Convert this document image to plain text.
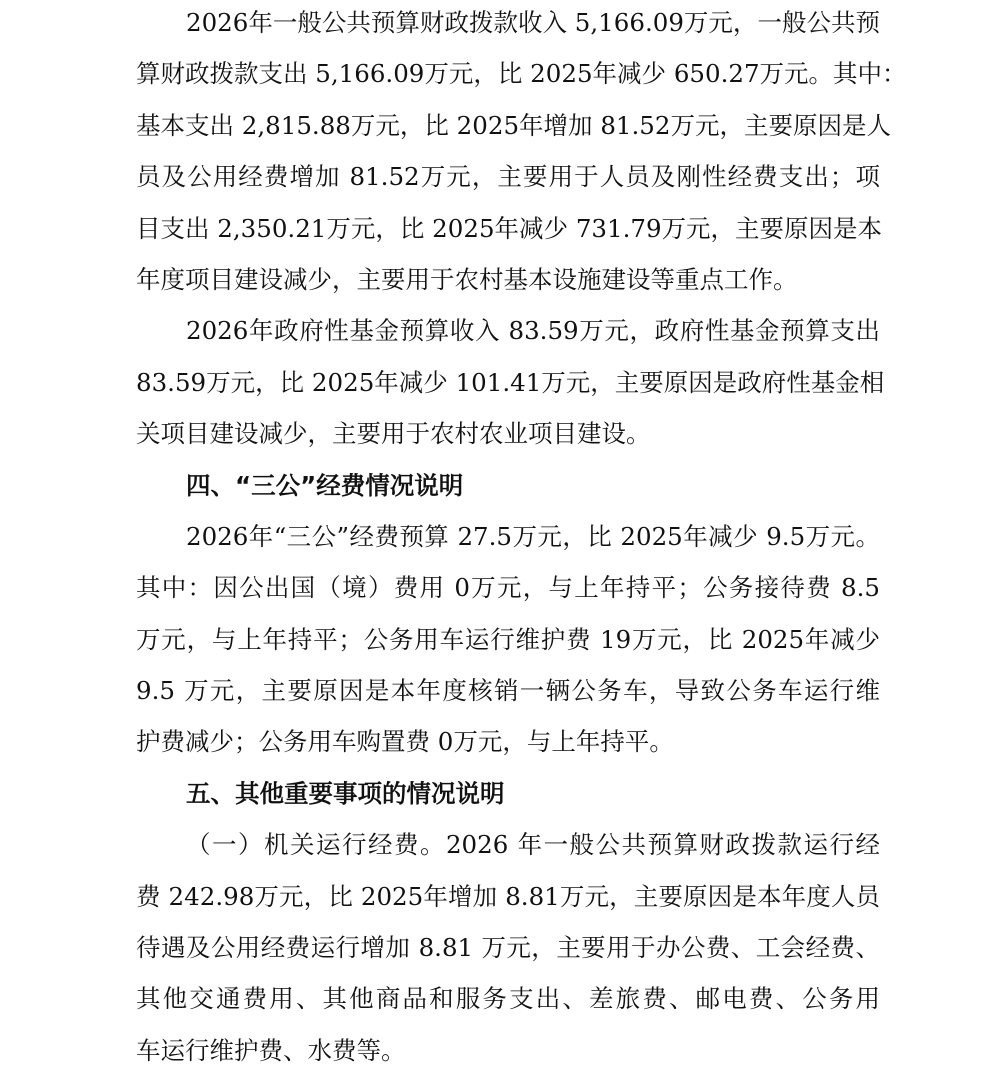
2026年一般公共预算财政拨款收入 5,166.09万元，一般公共预
算财政拨款支出 5,166.09万元，比 2025年减少 650.27万元。其中：
基本支出 2,815.88万元，比 2025年增加 81.52万元，主要原因是人
员及公用经费增加 81.52万元，主要用于人员及刚性经费支出；项
目支出 2,350.21万元，比 2025年减少 731.79万元，主要原因是本
年度项目建设减少，主要用于农村基本设施建设等重点工作。
2026年政府性基金预算收入 83.59万元，政府性基金预算支出
83.59万元，比 2025年减少 101.41万元，主要原因是政府性基金相
关项目建设减少，主要用于农村农业项目建设。
四、“三公”经费情况说明
2026年“三公”经费预算 27.5万元，比 2025年减少 9.5万元。
其中：因公出国（境）费用 0万元，与上年持平；公务接待费 8.5
万元，与上年持平；公务用车运行维护费 19万元，比 2025年减少
9.5 万元，主要原因是本年度核销一辆公务车，导致公务车运行维
护费减少；公务用车购置费 0万元，与上年持平。
五、其他重要事项的情况说明
（一）机关运行经费。2026 年一般公共预算财政拨款运行经
费 242.98万元，比 2025年增加 8.81万元，主要原因是本年度人员
待遇及公用经费运行增加 8.81 万元，主要用于办公费、工会经费、
其他交通费用、其他商品和服务支出、差旅费、邮电费、公务用
车运行维护费、水费等。
